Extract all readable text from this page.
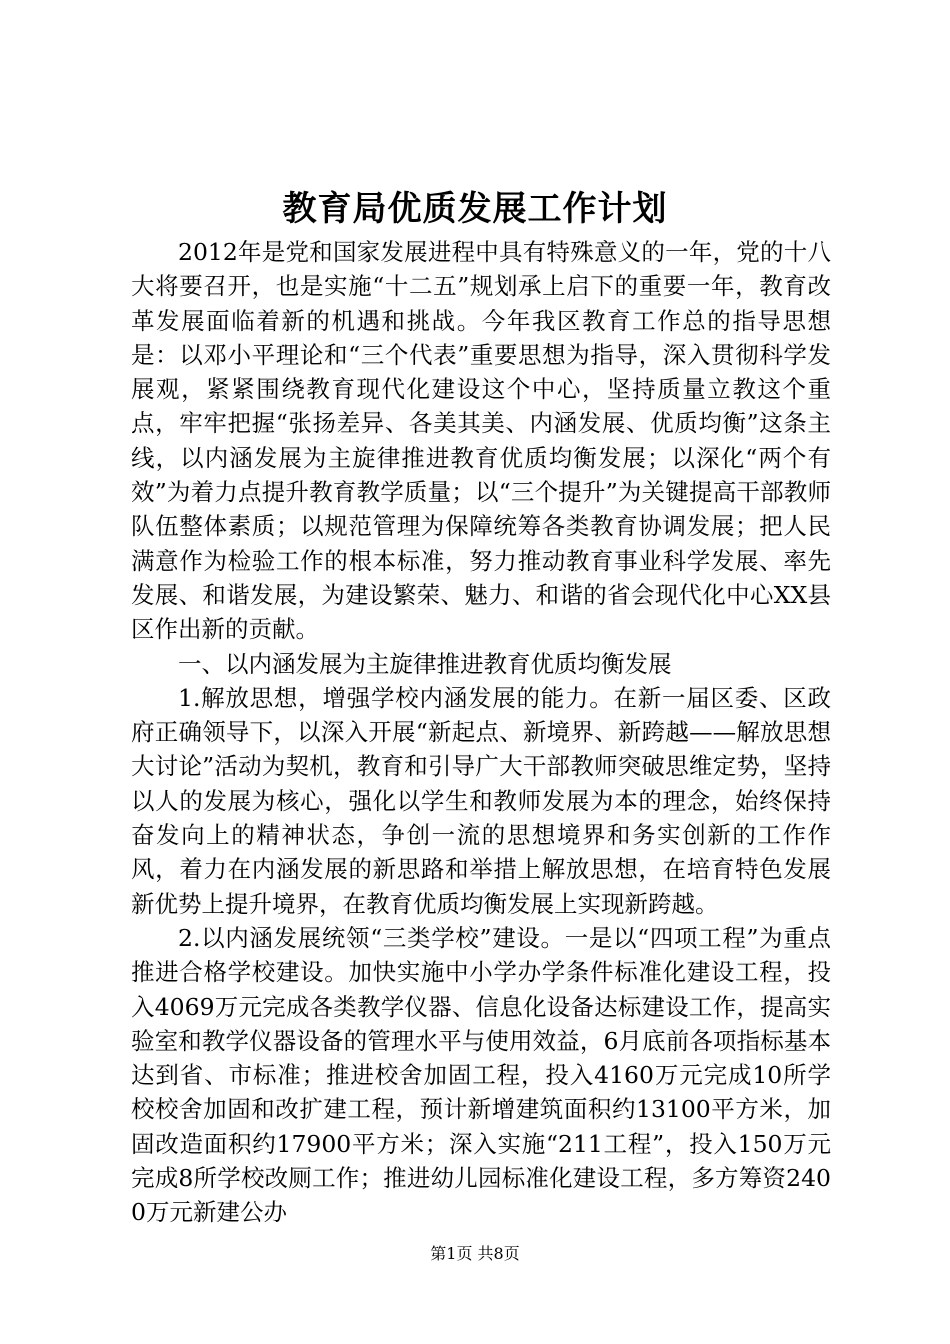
教育局优质发展工作计划

2012年是党和国家发展进程中具有特殊意义的一年，党的十八大将要召开，也是实施“十二五”规划承上启下的重要一年，教育改革发展面临着新的机遇和挑战。今年我区教育工作总的指导思想是：以邓小平理论和“三个代表”重要思想为指导，深入贯彻科学发展观，紧紧围绕教育现代化建设这个中心，坚持质量立教这个重点，牢牢把握“张扬差异、各美其美、内涵发展、优质均衡”这条主线，以内涵发展为主旋律推进教育优质均衡发展；以深化“两个有效”为着力点提升教育教学质量；以“三个提升”为关键提高干部教师队伍整体素质；以规范管理为保障统筹各类教育协调发展；把人民满意作为检验工作的根本标准，努力推动教育事业科学发展、率先发展、和谐发展，为建设繁荣、魅力、和谐的省会现代化中心XX县区作出新的贡献。

一、以内涵发展为主旋律推进教育优质均衡发展

1.解放思想，增强学校内涵发展的能力。在新一届区委、区政府正确领导下，以深入开展“新起点、新境界、新跨越——解放思想大讨论”活动为契机，教育和引导广大干部教师突破思维定势，坚持以人的发展为核心，强化以学生和教师发展为本的理念，始终保持奋发向上的精神状态，争创一流的思想境界和务实创新的工作作风，着力在内涵发展的新思路和举措上解放思想，在培育特色发展新优势上提升境界，在教育优质均衡发展上实现新跨越。

2.以内涵发展统领“三类学校”建设。一是以“四项工程”为重点推进合格学校建设。加快实施中小学办学条件标准化建设工程，投入4069万元完成各类教学仪器、信息化设备达标建设工作，提高实验室和教学仪器设备的管理水平与使用效益，6月底前各项指标基本达到省、市标准；推进校舍加固工程，投入4160万元完成10所学校校舍加固和改扩建工程，预计新增建筑面积约13100平方米，加固改造面积约17900平方米；深入实施“211工程”，投入150万元完成8所学校改厕工作；推进幼儿园标准化建设工程，多方筹资2400万元新建公办

第1页 共8页
